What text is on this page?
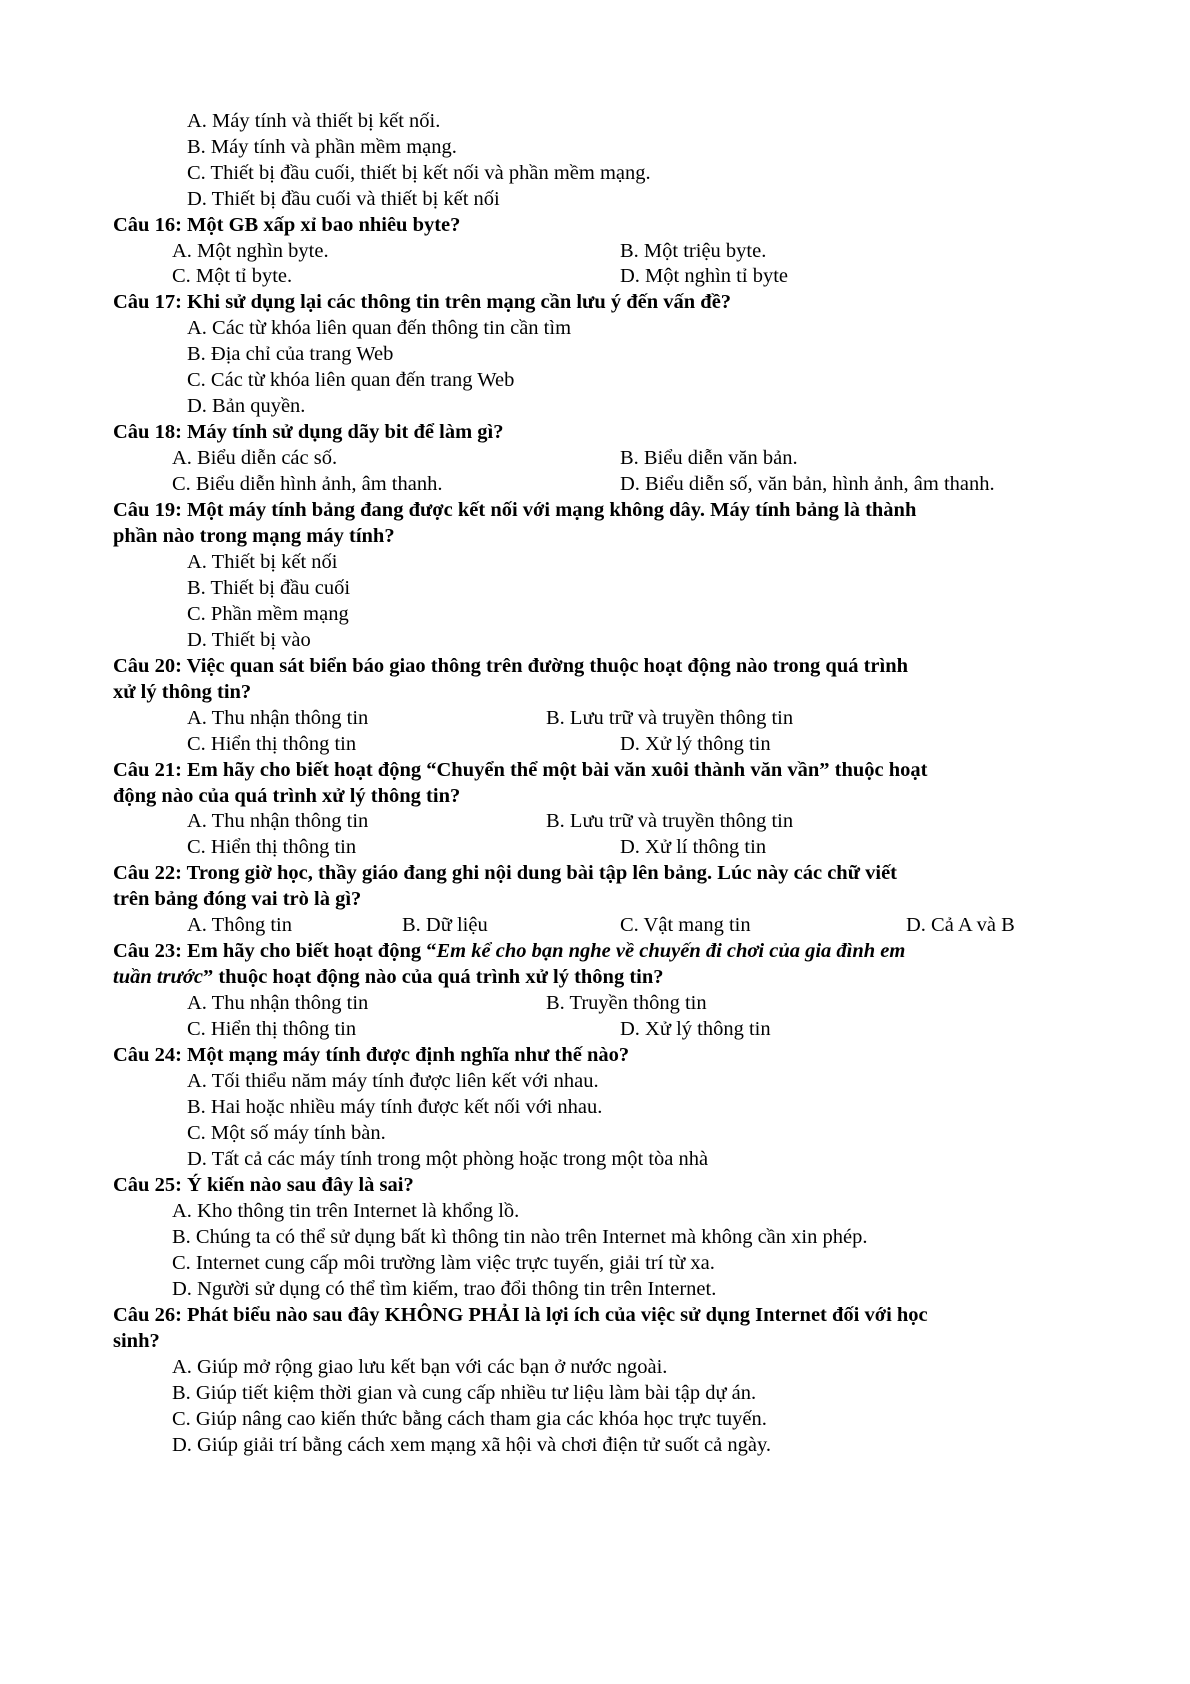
A. Máy tính và thiết bị kết nối.
B. Máy tính và phần mềm mạng.
C. Thiết bị đầu cuối, thiết bị kết nối và phần mềm mạng.
D. Thiết bị đầu cuối và thiết bị kết nối
Câu 16: Một GB xấp xỉ bao nhiêu byte?
A. Một nghìn byte.	B. Một triệu byte.
C. Một tỉ byte.	D. Một nghìn tỉ byte
Câu 17: Khi sử dụng lại các thông tin trên mạng cần lưu ý đến vấn đề?
A. Các từ khóa liên quan đến thông tin cần tìm
B. Địa chỉ của trang Web
C. Các từ khóa liên quan đến trang Web
D. Bản quyền.
Câu 18: Máy tính sử dụng dãy bit để làm gì?
A. Biểu diễn các số.	B. Biểu diễn văn bản.
C. Biểu diễn hình ảnh, âm thanh.	D. Biểu diễn số, văn bản, hình ảnh, âm thanh.
Câu 19: Một máy tính bảng đang được kết nối với mạng không dây. Máy tính bảng là thành
phần nào trong mạng máy tính?
A. Thiết bị kết nối
B. Thiết bị đầu cuối
C. Phần mềm mạng
D. Thiết bị vào
Câu 20: Việc quan sát biển báo giao thông trên đường thuộc hoạt động nào trong quá trình
xử lý thông tin?
A. Thu nhận thông tin	B. Lưu trữ và truyền thông tin
C. Hiển thị thông tin	D. Xử lý thông tin
Câu 21: Em hãy cho biết hoạt động “Chuyển thể một bài văn xuôi thành văn vần” thuộc hoạt
động nào của quá trình xử lý thông tin?
A. Thu nhận thông tin	B. Lưu trữ và truyền thông tin
C. Hiển thị thông tin	D. Xử lí thông tin
Câu 22: Trong giờ học, thầy giáo đang ghi nội dung bài tập lên bảng. Lúc này các chữ viết
trên bảng đóng vai trò là gì?
A. Thông tin	B. Dữ liệu	C. Vật mang tin	D. Cả A và B
Câu 23: Em hãy cho biết hoạt động “Em kể cho bạn nghe về chuyến đi chơi của gia đình em
tuần trước” thuộc hoạt động nào của quá trình xử lý thông tin?
A. Thu nhận thông tin	B. Truyền thông tin
C. Hiển thị thông tin	D. Xử lý thông tin
Câu 24: Một mạng máy tính được định nghĩa như thế nào?
A. Tối thiểu năm máy tính được liên kết với nhau.
B. Hai hoặc nhiều máy tính được kết nối với nhau.
C. Một số máy tính bàn.
D. Tất cả các máy tính trong một phòng hoặc trong một tòa nhà
Câu 25: Ý kiến nào sau đây là sai?
A. Kho thông tin trên Internet là khổng lồ.
B. Chúng ta có thể sử dụng bất kì thông tin nào trên Internet mà không cần xin phép.
C. Internet cung cấp môi trường làm việc trực tuyến, giải trí từ xa.
D. Người sử dụng có thể tìm kiếm, trao đổi thông tin trên Internet.
Câu 26: Phát biểu nào sau đây KHÔNG PHẢI là lợi ích của việc sử dụng Internet đối với học
sinh?
A. Giúp mở rộng giao lưu kết bạn với các bạn ở nước ngoài.
B. Giúp tiết kiệm thời gian và cung cấp nhiều tư liệu làm bài tập dự án.
C. Giúp nâng cao kiến thức bằng cách tham gia các khóa học trực tuyến.
D. Giúp giải trí bằng cách xem mạng xã hội và chơi điện tử suốt cả ngày.
